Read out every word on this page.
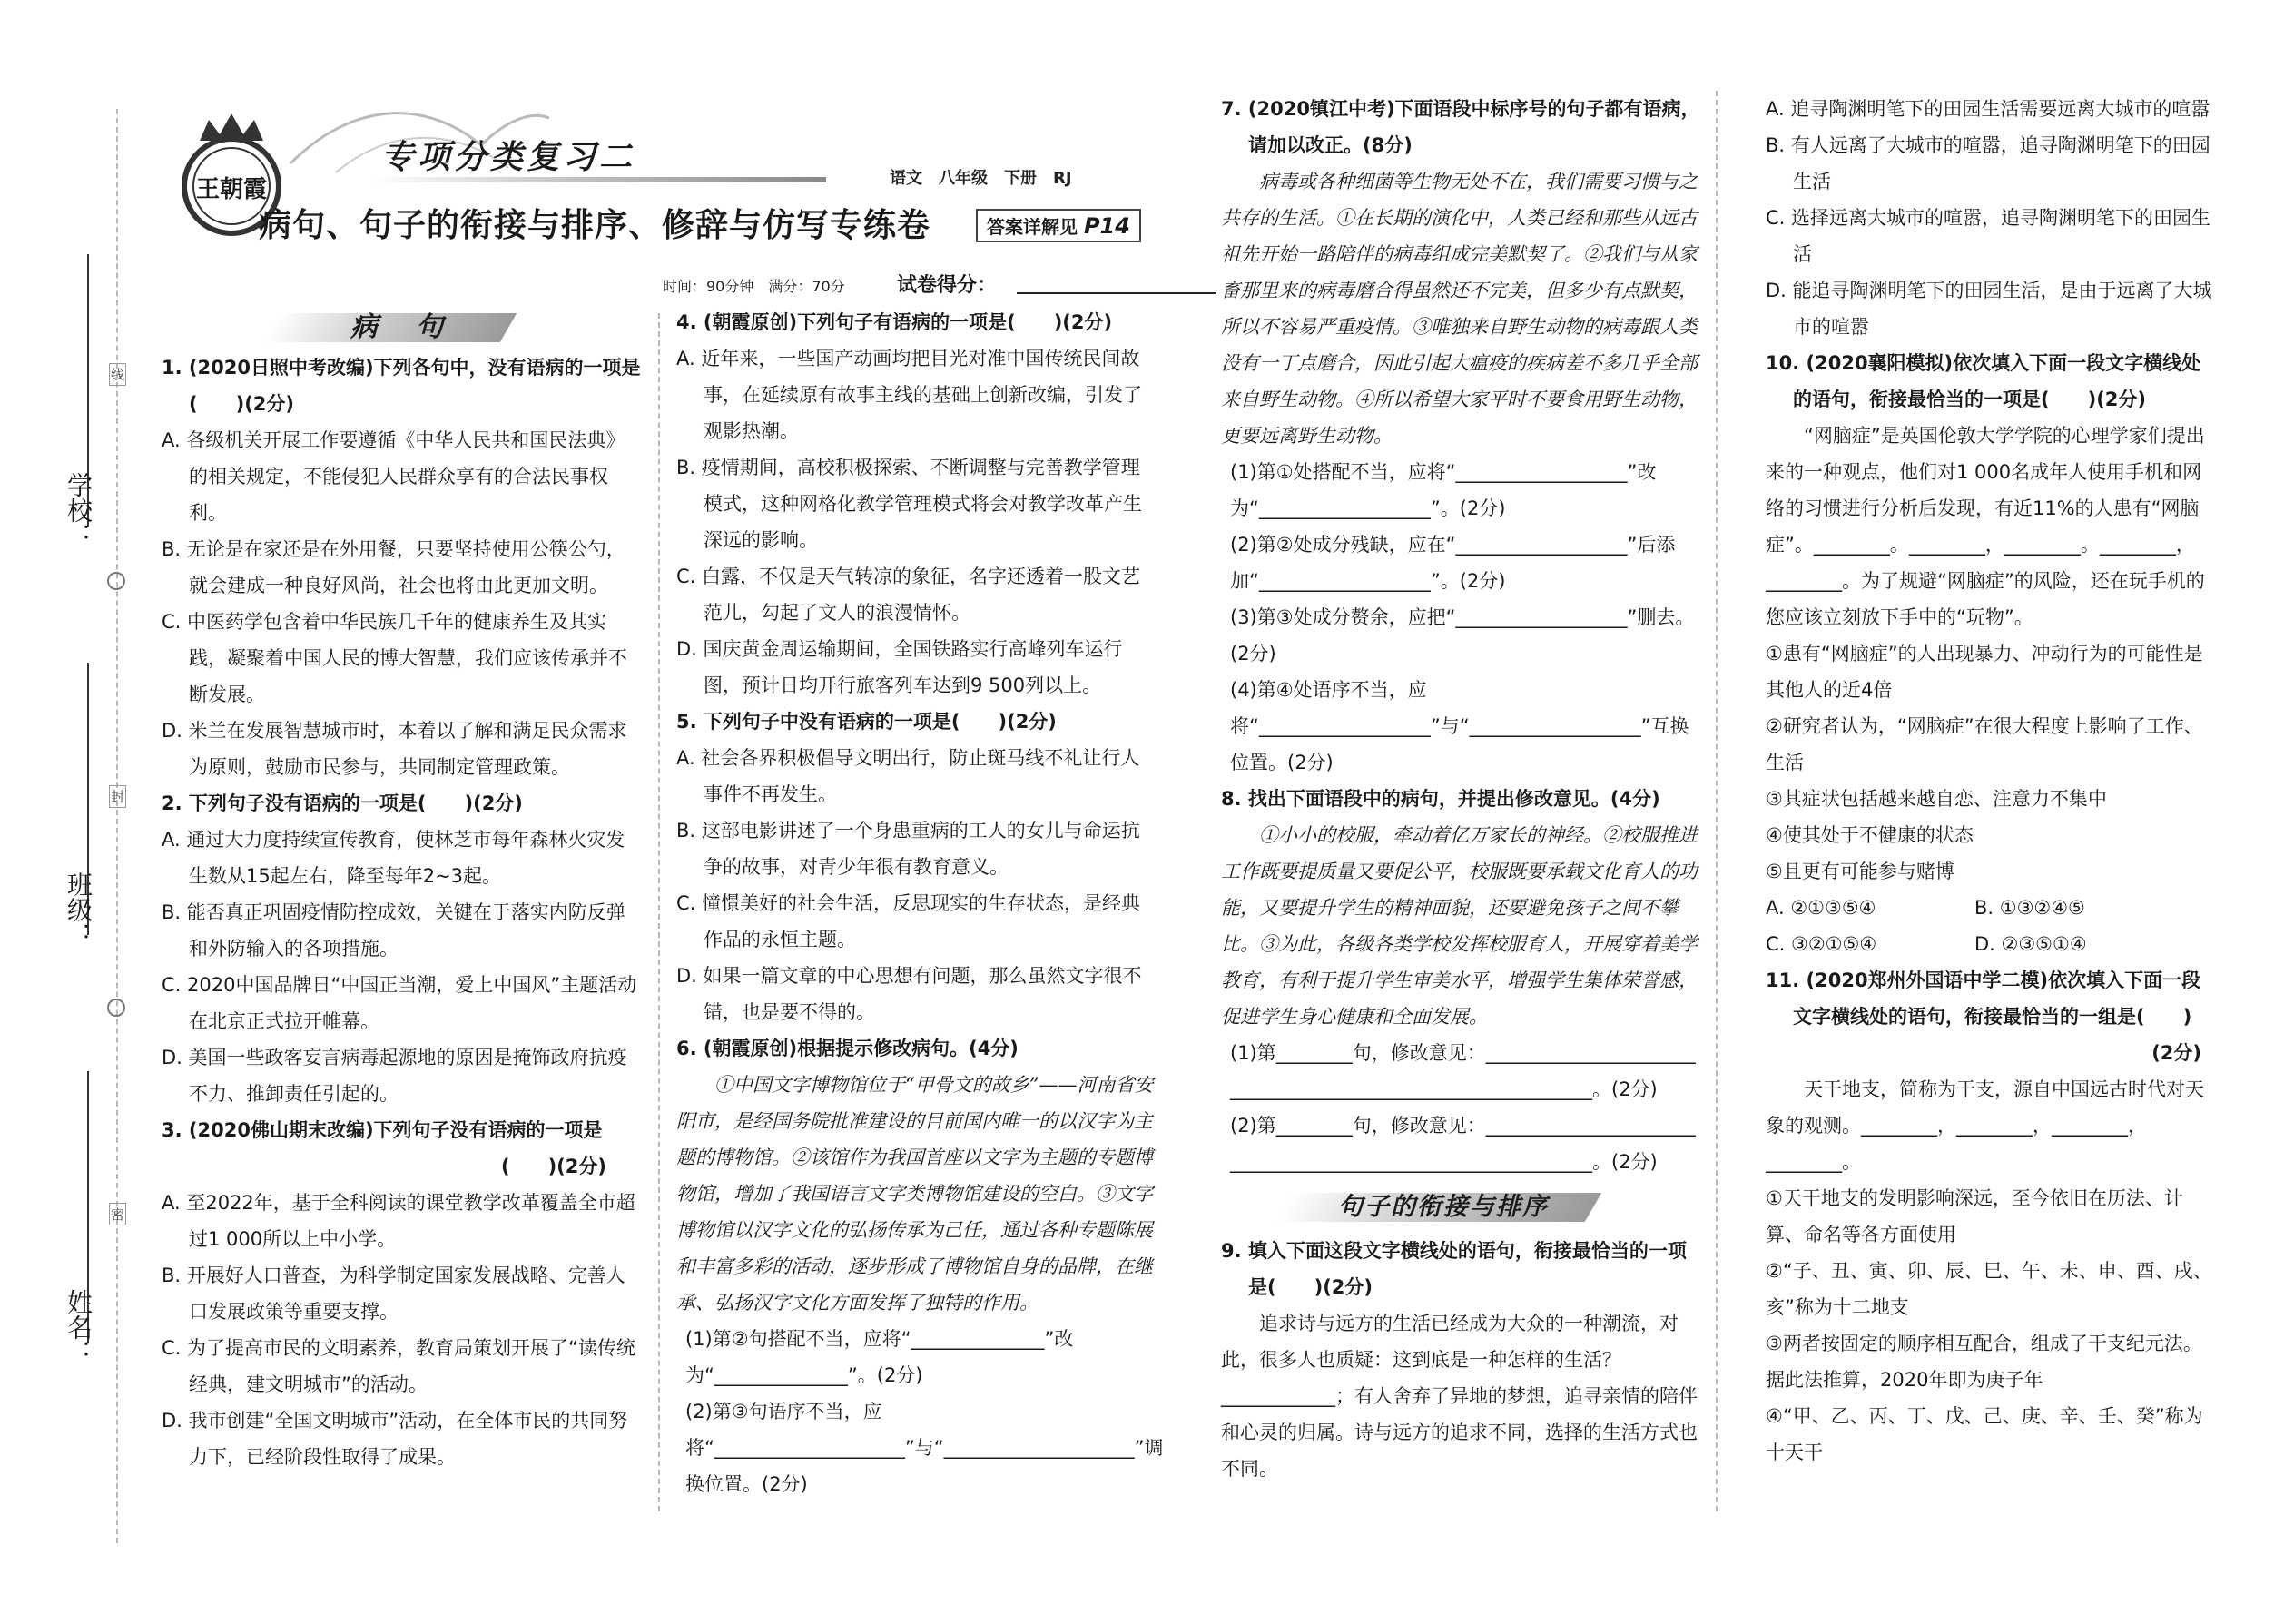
学校：
班级：
姓名：
线
封
密
王朝霞
专项分类复习二
病句、句子的衔接与排序、修辞与仿写专练卷
语文　八年级　下册　RJ
答案详解见 P14
时间：90分钟　满分：70分	试卷得分：
病　句
1. (2020日照中考改编)下列各句中，没有语病的一项是(　　)(2分)
A. 各级机关开展工作要遵循《中华人民共和国民法典》的相关规定，不能侵犯人民群众享有的合法民事权利。
B. 无论是在家还是在外用餐，只要坚持使用公筷公勺，就会建成一种良好风尚，社会也将由此更加文明。
C. 中医药学包含着中华民族几千年的健康养生及其实践，凝聚着中国人民的博大智慧，我们应该传承并不断发展。
D. 米兰在发展智慧城市时，本着以了解和满足民众需求为原则，鼓励市民参与，共同制定管理政策。
2. 下列句子没有语病的一项是(　　)(2分)
A. 通过大力度持续宣传教育，使林芝市每年森林火灾发生数从15起左右，降至每年2~3起。
B. 能否真正巩固疫情防控成效，关键在于落实内防反弹和外防输入的各项措施。
C. 2020中国品牌日“中国正当潮，爱上中国风”主题活动在北京正式拉开帷幕。
D. 美国一些政客妄言病毒起源地的原因是掩饰政府抗疫不力、推卸责任引起的。
3. (2020佛山期末改编)下列句子没有语病的一项是
(　　)(2分)
A. 至2022年，基于全科阅读的课堂教学改革覆盖全市超过1 000所以上中小学。
B. 开展好人口普查，为科学制定国家发展战略、完善人口发展政策等重要支撑。
C. 为了提高市民的文明素养，教育局策划开展了“读传统经典，建文明城市”的活动。
D. 我市创建“全国文明城市”活动，在全体市民的共同努力下，已经阶段性取得了成果。
4. (朝霞原创)下列句子有语病的一项是(　　)(2分)
A. 近年来，一些国产动画均把目光对准中国传统民间故事，在延续原有故事主线的基础上创新改编，引发了观影热潮。
B. 疫情期间，高校积极探索、不断调整与完善教学管理模式，这种网格化教学管理模式将会对教学改革产生深远的影响。
C. 白露，不仅是天气转凉的象征，名字还透着一股文艺范儿，勾起了文人的浪漫情怀。
D. 国庆黄金周运输期间，全国铁路实行高峰列车运行图，预计日均开行旅客列车达到9 500列以上。
5. 下列句子中没有语病的一项是(　　)(2分)
A. 社会各界积极倡导文明出行，防止斑马线不礼让行人事件不再发生。
B. 这部电影讲述了一个身患重病的工人的女儿与命运抗争的故事，对青少年很有教育意义。
C. 憧憬美好的社会生活，反思现实的生存状态，是经典作品的永恒主题。
D. 如果一篇文章的中心思想有问题，那么虽然文字很不错，也是要不得的。
6. (朝霞原创)根据提示修改病句。(4分)
①中国文字博物馆位于“甲骨文的故乡”——河南省安阳市，是经国务院批准建设的目前国内唯一的以汉字为主题的博物馆。②该馆作为我国首座以文字为主题的专题博物馆，增加了我国语言文字类博物馆建设的空白。③文字博物馆以汉字文化的弘扬传承为己任，通过各种专题陈展和丰富多彩的活动，逐步形成了博物馆自身的品牌，在继承、弘扬汉字文化方面发挥了独特的作用。
(1)第②句搭配不当，应将“______________”改为“______________”。(2分)
(2)第③句语序不当，应将“____________________”与“____________________”调换位置。(2分)
7. (2020镇江中考)下面语段中标序号的句子都有语病，请加以改正。(8分)
病毒或各种细菌等生物无处不在，我们需要习惯与之共存的生活。①在长期的演化中，人类已经和那些从远古祖先开始一路陪伴的病毒组成完美默契了。②我们与从家畜那里来的病毒磨合得虽然还不完美，但多少有点默契，所以不容易严重疫情。③唯独来自野生动物的病毒跟人类没有一丁点磨合，因此引起大瘟疫的疾病差不多几乎全部来自野生动物。④所以希望大家平时不要食用野生动物，更要远离野生动物。
(1)第①处搭配不当，应将“__________________”改为“__________________”。(2分)
(2)第②处成分残缺，应在“__________________”后添加“__________________”。(2分)
(3)第③处成分赘余，应把“__________________”删去。(2分)
(4)第④处语序不当，应将“__________________”与“__________________”互换位置。(2分)
8. 找出下面语段中的病句，并提出修改意见。(4分)
①小小的校服，牵动着亿万家长的神经。②校服推进工作既要提质量又要促公平，校服既要承载文化育人的功能，又要提升学生的精神面貌，还要避免孩子之间不攀比。③为此，各级各类学校发挥校服育人，开展穿着美学教育，有利于提升学生审美水平，增强学生集体荣誉感，促进学生身心健康和全面发展。
(1)第________句，修改意见：______________________
______________________________________。(2分)
(2)第________句，修改意见：______________________
______________________________________。(2分)
句子的衔接与排序
9. 填入下面这段文字横线处的语句，衔接最恰当的一项是(　　)(2分)
追求诗与远方的生活已经成为大众的一种潮流，对此，很多人也质疑：这到底是一种怎样的生活？____________；有人舍弃了异地的梦想，追寻亲情的陪伴和心灵的归属。诗与远方的追求不同，选择的生活方式也不同。
A. 追寻陶渊明笔下的田园生活需要远离大城市的喧嚣
B. 有人远离了大城市的喧嚣，追寻陶渊明笔下的田园生活
C. 选择远离大城市的喧嚣，追寻陶渊明笔下的田园生活
D. 能追寻陶渊明笔下的田园生活，是由于远离了大城市的喧嚣
10. (2020襄阳模拟)依次填入下面一段文字横线处的语句，衔接最恰当的一项是(　　)(2分)
“网脑症”是英国伦敦大学学院的心理学家们提出来的一种观点，他们对1 000名成年人使用手机和网络的习惯进行分析后发现，有近11%的人患有“网脑症”。________。________，________。________，________。为了规避“网脑症”的风险，还在玩手机的您应该立刻放下手中的“玩物”。
①患有“网脑症”的人出现暴力、冲动行为的可能性是其他人的近4倍
②研究者认为，“网脑症”在很大程度上影响了工作、生活
③其症状包括越来越自恋、注意力不集中
④使其处于不健康的状态
⑤且更有可能参与赌博
A. ②①③⑤④	B. ①③②④⑤
C. ③②①⑤④	D. ②③⑤①④
11. (2020郑州外国语中学二模)依次填入下面一段文字横线处的语句，衔接最恰当的一组是(　　)
(2分)
天干地支，简称为干支，源自中国远古时代对天象的观测。________，________，________，________。
①天干地支的发明影响深远，至今依旧在历法、计算、命名等各方面使用
②“子、丑、寅、卯、辰、巳、午、未、申、酉、戌、亥”称为十二地支
③两者按固定的顺序相互配合，组成了干支纪元法。据此法推算，2020年即为庚子年
④“甲、乙、丙、丁、戊、己、庚、辛、壬、癸”称为十天干
